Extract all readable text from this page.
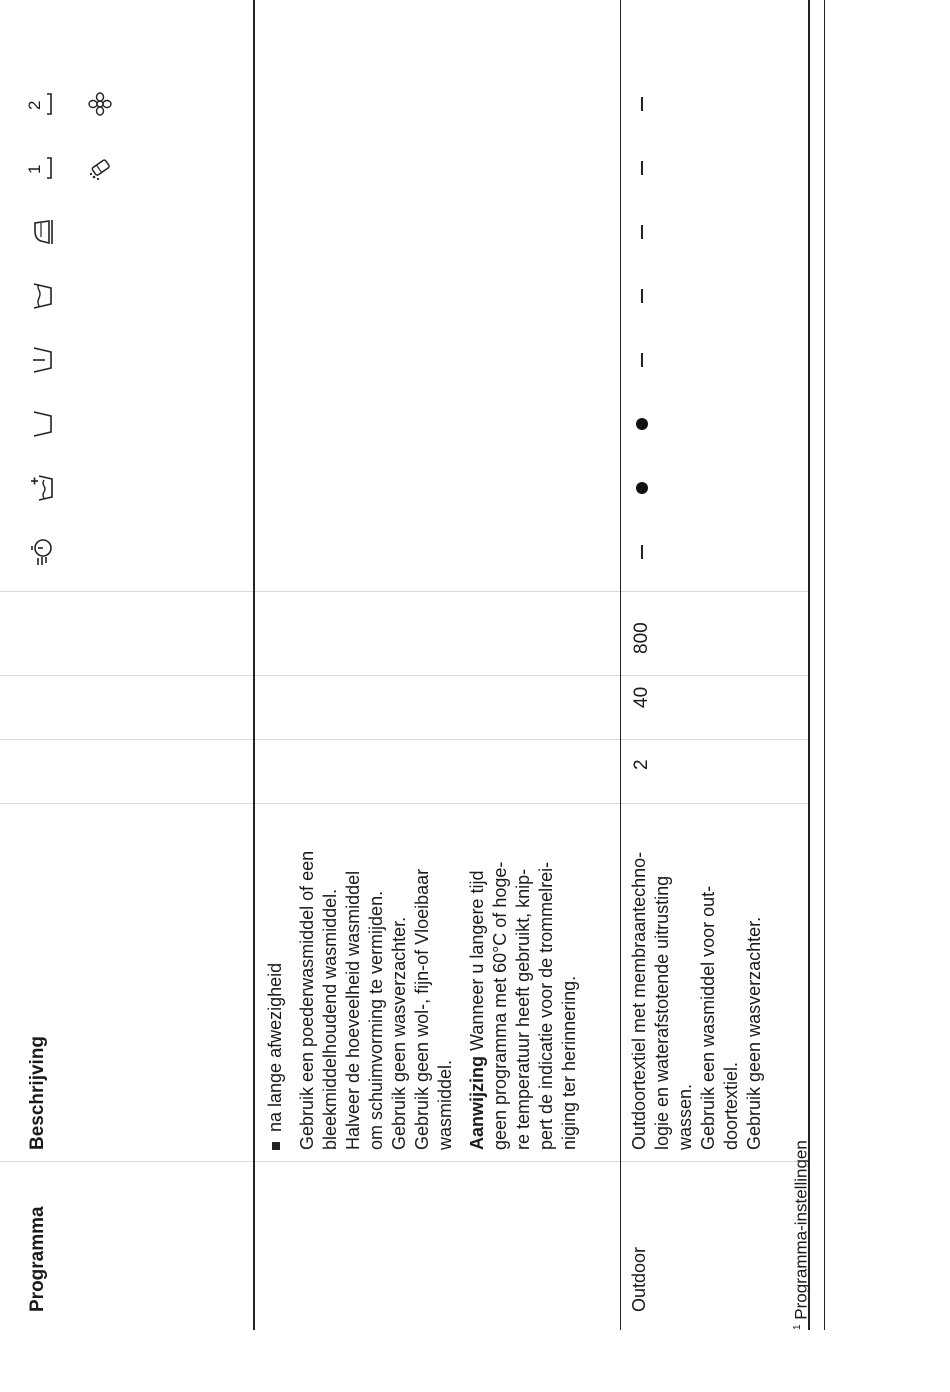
Programma
Beschrijving
1
2
na lange afwezigheid Gebruik een poederwasmiddel of een bleekmiddelhoudend wasmiddel. Halveer de hoeveelheid wasmiddel om schuimvorming te vermijden. Gebruik geen wasverzachter. Gebruik geen wol-, fijn-of Vloeibaar wasmiddel. Aanwijzing Wanneer u langere tijd geen programma met 60°C of hoge- re temperatuur heeft gebruikt, knip- pert de indicatie voor de trommelrei- niging ter herinnering.
Outdoor
Outdoortextiel met membraantechno- logie en waterafstotende uitrusting wassen. Gebruik een wasmiddel voor out- doortextiel. Gebruik geen wasverzachter.
2
40
800
$^1$ Programma-instellingen
